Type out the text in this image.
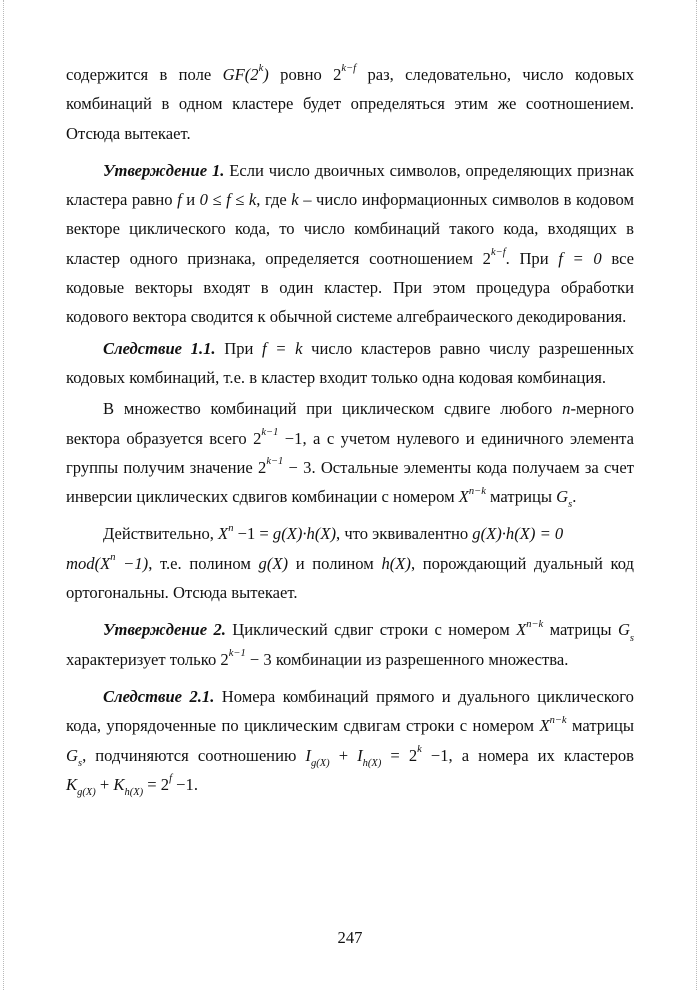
содержится в поле GF(2$^k$) ровно $2^{k-f}$ раз, следовательно, число кодовых комбинаций в одном кластере будет определяться этим же соотношением. Отсюда вытекает.

Утверждение 1. Если число двоичных символов, определяющих признак кластера равно f и 0 ≤ f ≤ k, где k – число информационных символов в кодовом векторе циклического кода, то число комбинаций такого кода, входящих в кластер одного признака, определяется соотношением $2^{k-f}$. При f = 0 все кодовые векторы входят в один кластер. При этом процедура обработки кодового вектора сводится к обычной системе алгебраического декодирования.

Следствие 1.1. При f = k число кластеров равно числу разрешенных кодовых комбинаций, т.е. в кластер входит только одна кодовая комбинация.

В множество комбинаций при циклическом сдвиге любого n-мерного вектора образуется всего $2^{k-1} -1$, а с учетом нулевого и единичного элемента группы получим значение $2^{k-1} - 3$. Остальные элементы кода получаем за счет инверсии циклических сдвигов комбинации с номером $X^{n-k}$ матрицы $G_s$.

Действительно, $X^n -1 = g(X)\cdot h(X)$, что эквивалентно g(X)·h(X) = 0
$mod(X^n -1)$, т.е. полином g(X) и полином h(X), порождающий дуальный код ортогональны. Отсюда вытекает.

Утверждение 2. Циклический сдвиг строки с номером $X^{n-k}$ матрицы $G_s$ характеризует только $2^{k-1} - 3$ комбинации из разрешенного множества.

Следствие 2.1. Номера комбинаций прямого и дуального циклического кода, упорядоченные по циклическим сдвигам строки с номером $X^{n-k}$ матрицы $G_s$, подчиняются соотношению $I_{g(X)} + I_{h(X)} = 2^k -1$, а номера их кластеров $K_{g(X)} + K_{h(X)} = 2^f -1$.

247
